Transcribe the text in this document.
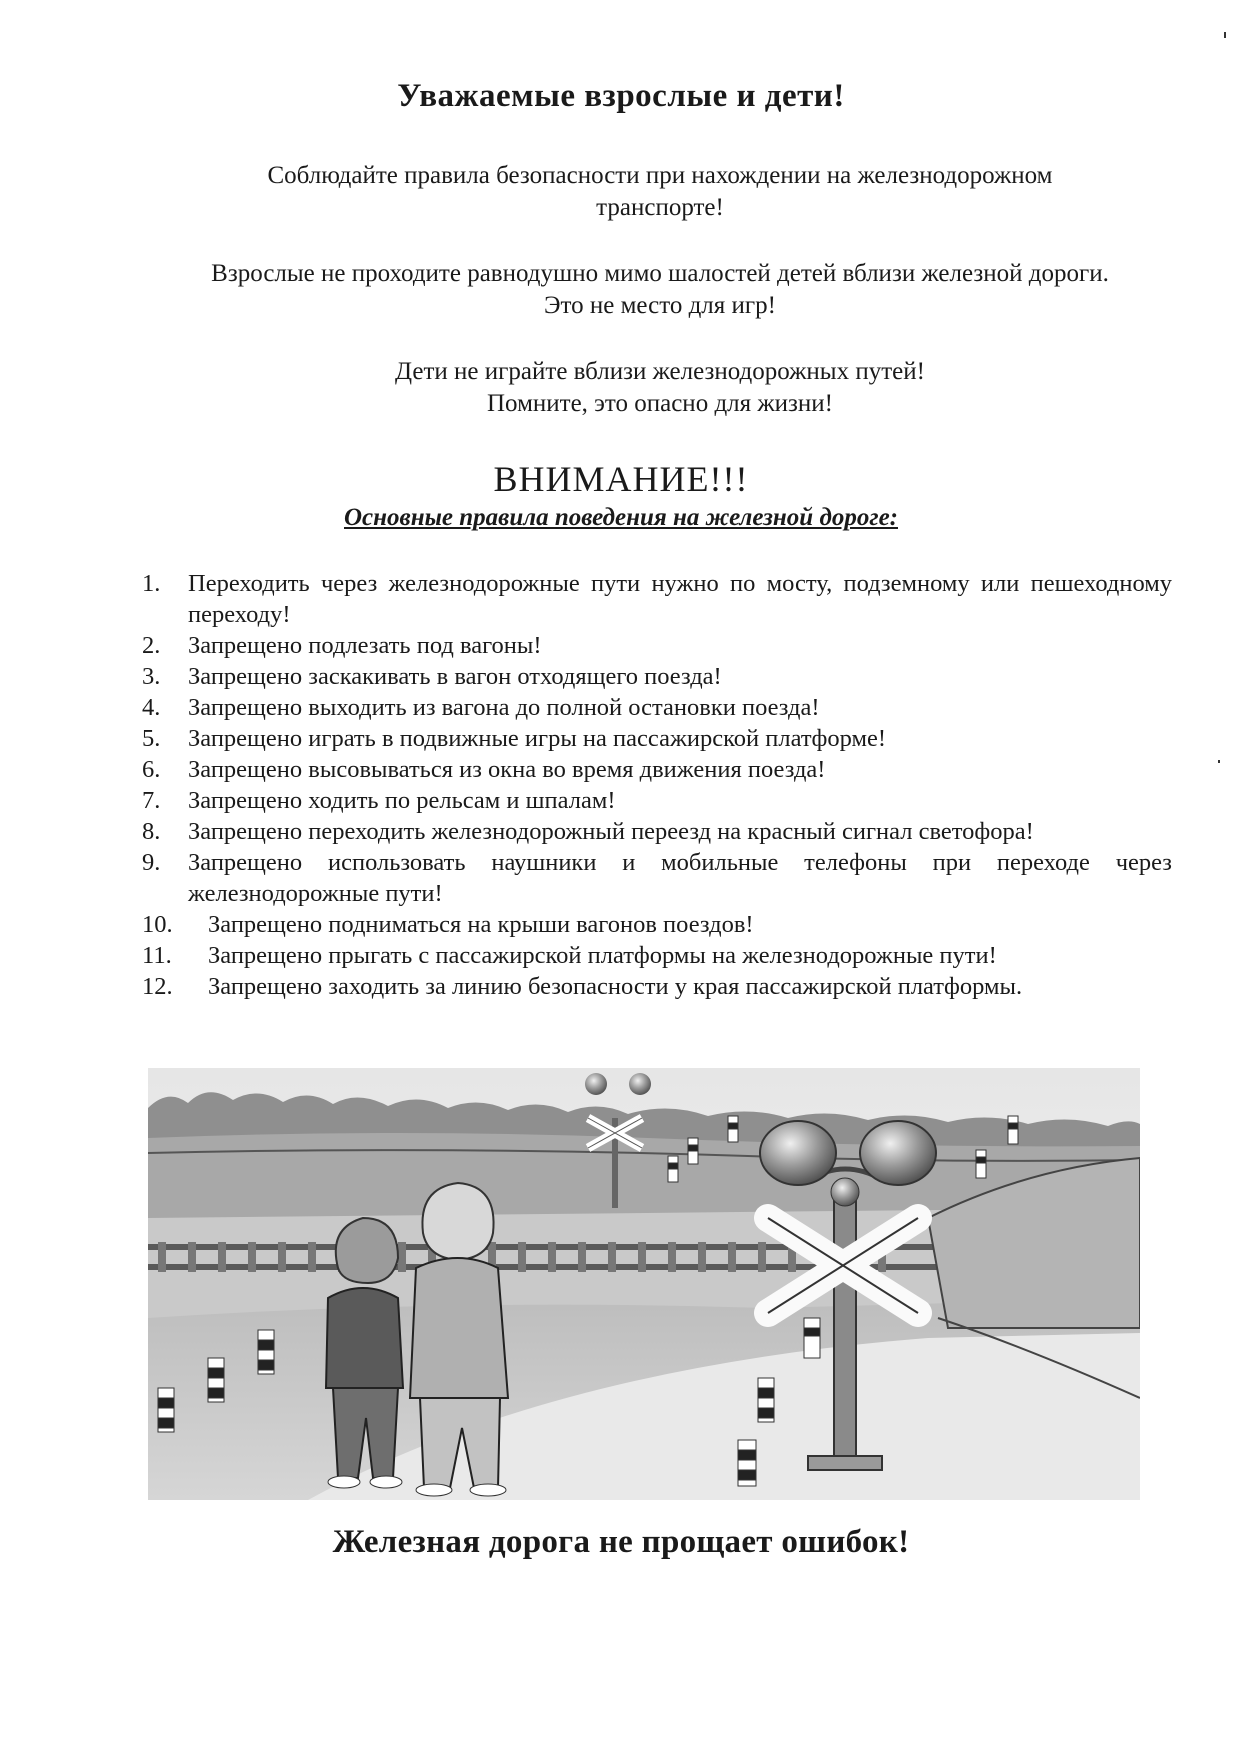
Уважаемые взрослые и дети!
Соблюдайте правила безопасности при нахождении на железнодорожном
транспорте!
Взрослые не проходите равнодушно мимо шалостей детей вблизи железной дороги.
Это не место для игр!
Дети не играйте вблизи железнодорожных путей!
Помните, это опасно для жизни!
ВНИМАНИЕ!!!
Основные правила поведения на железной дороге:
1. Переходить через железнодорожные пути нужно по мосту, подземному или пешеходному переходу!
2. Запрещено подлезать под вагоны!
3. Запрещено заскакивать в вагон отходящего поезда!
4. Запрещено выходить из вагона до полной остановки поезда!
5. Запрещено играть в подвижные игры на пассажирской платформе!
6. Запрещено высовываться из окна во время движения поезда!
7. Запрещено ходить по рельсам и шпалам!
8. Запрещено переходить железнодорожный переезд на красный сигнал светофора!
9. Запрещено использовать наушники и мобильные телефоны при переходе через железнодорожные пути!
10. Запрещено подниматься на крыши вагонов поездов!
11. Запрещено прыгать с пассажирской платформы на железнодорожные пути!
12. Запрещено заходить за линию безопасности у края пассажирской платформы.
Железная дорога не прощает ошибок!
